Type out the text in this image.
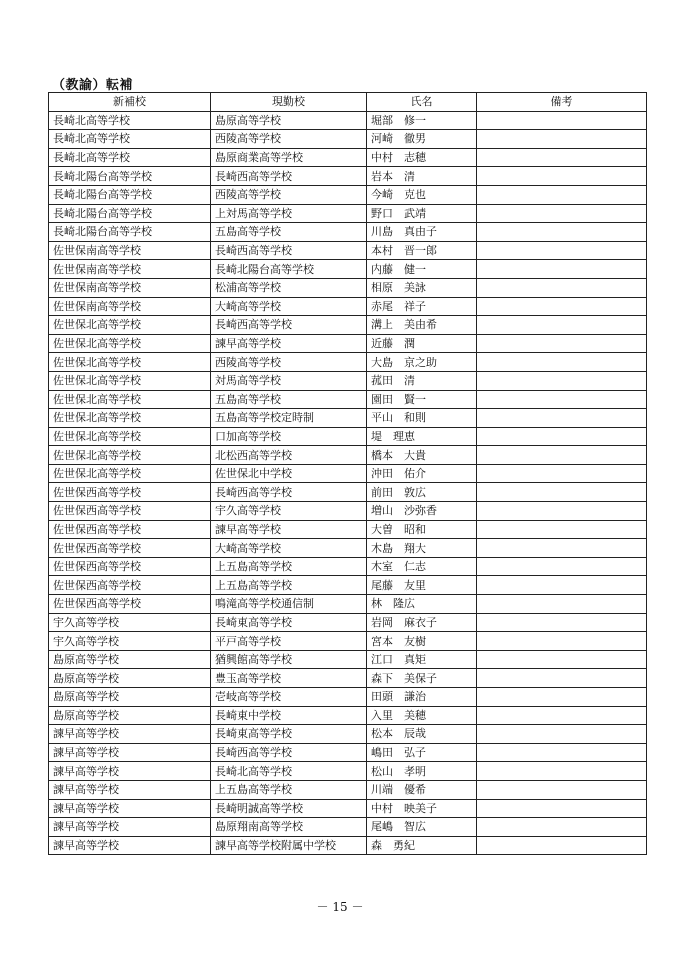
（教諭）転補
新補校	現勤校	氏名	備考
長崎北高等学校	島原高等学校	堀部　修一	
長崎北高等学校	西陵高等学校	河崎　徹男	
長崎北高等学校	島原商業高等学校	中村　志穂	
長崎北陽台高等学校	長崎西高等学校	岩本　清	
長崎北陽台高等学校	西陵高等学校	今崎　克也	
長崎北陽台高等学校	上対馬高等学校	野口　武靖	
長崎北陽台高等学校	五島高等学校	川島　真由子	
佐世保南高等学校	長崎西高等学校	本村　晋一郎	
佐世保南高等学校	長崎北陽台高等学校	内藤　健一	
佐世保南高等学校	松浦高等学校	相原　美詠	
佐世保南高等学校	大崎高等学校	赤尾　祥子	
佐世保北高等学校	長崎西高等学校	溝上　美由希	
佐世保北高等学校	諫早高等学校	近藤　潤	
佐世保北高等学校	西陵高等学校	大島　京之助	
佐世保北高等学校	対馬高等学校	菰田　清	
佐世保北高等学校	五島高等学校	園田　賢一	
佐世保北高等学校	五島高等学校定時制	平山　和則	
佐世保北高等学校	口加高等学校	堤　理恵	
佐世保北高等学校	北松西高等学校	橋本　大貴	
佐世保北高等学校	佐世保北中学校	沖田　佑介	
佐世保西高等学校	長崎西高等学校	前田　敦広	
佐世保西高等学校	宇久高等学校	増山　沙弥香	
佐世保西高等学校	諫早高等学校	大曽　昭和	
佐世保西高等学校	大崎高等学校	木島　翔大	
佐世保西高等学校	上五島高等学校	木室　仁志	
佐世保西高等学校	上五島高等学校	尾藤　友里	
佐世保西高等学校	鳴滝高等学校通信制	林　隆広	
宇久高等学校	長崎東高等学校	岩岡　麻衣子	
宇久高等学校	平戸高等学校	宮本　友樹	
島原高等学校	猶興館高等学校	江口　真矩	
島原高等学校	豊玉高等学校	森下　美保子	
島原高等学校	壱岐高等学校	田頭　謙治	
島原高等学校	長崎東中学校	入里　美穂	
諫早高等学校	長崎東高等学校	松本　辰哉	
諫早高等学校	長崎西高等学校	嶋田　弘子	
諫早高等学校	長崎北高等学校	松山　孝明	
諫早高等学校	上五島高等学校	川端　優希	
諫早高等学校	長崎明誠高等学校	中村　映美子	
諫早高等学校	島原翔南高等学校	尾嶋　智広	
諫早高等学校	諫早高等学校附属中学校	森　勇紀	
－ 15 －
